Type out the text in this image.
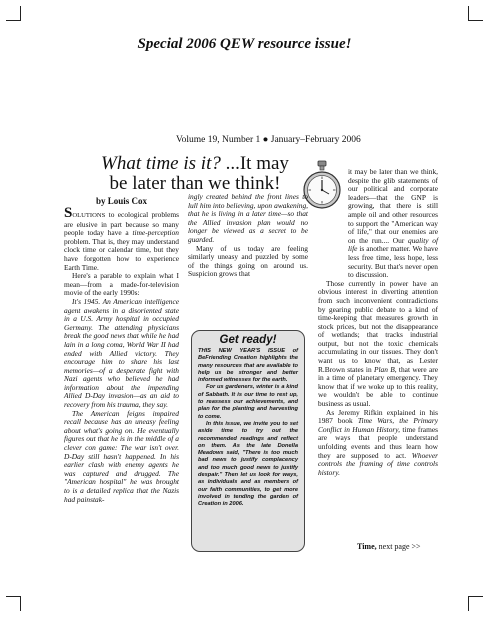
Special 2006 QEW resource issue!
Volume 19, Number 1 ● January–February 2006
What time is it? ...It may be later than we think!
by Louis Cox

SOLUTIONS to ecological problems are elusive in part because so many people today have a time-perception problem. That is, they may understand clock time or calendar time, but they have forgotten how to experience Earth Time.

Here's a parable to explain what I mean—from a made-for-television movie of the early 1990s:

It's 1945. An American intelligence agent awakens in a disoriented state in a U.S. Army hospital in occupied Germany. The attending physicians break the good news that while he had lain in a long coma, World War II had ended with Allied victory. They encourage him to share his last memories—of a desperate fight with Nazi agents who believed he had information about the impending Allied D-Day invasion—as an aid to recovery from his trauma, they say.

The American feigns impaired recall because has an uneasy feeling about what's going on. He eventually figures out that he is in the middle of a clever con game: The war isn't over. D-Day still hasn't happened. In his earlier clash with enemy agents he was captured and drugged. The "American hospital" he was brought to is a detailed replica that the Nazis had painstak-

ingly created behind the front lines to lull him into believing, upon awakening, that he is living in a later time—so that the Allied invasion plan would no longer be viewed as a secret to be guarded.

Many of us today are feeling similarly uneasy and puzzled by some of the things going on around us. Suspicion grows that

Get ready!

THIS NEW YEAR'S ISSUE of BeFriending Creation highlights the many resources that are available to help us be stronger and better informed witnesses for the earth.

For us gardeners, winter is a kind of Sabbath. It is our time to rest up, to reassess our achievements, and plan for the planting and harvesting to come.

In this issue, we invite you to set aside time to try out the recommended readings and reflect on them. As the late Donella Meadows said, "There is too much bad news to justify complacency and too much good news to justify despair." Then let us look for ways, as individuals and as members of our faith communities, to get more involved in tending the garden of Creation in 2006.

it may be later than we think, despite the glib statements of our political and corporate leaders—that the GNP is growing, that there is still ample oil and other resources to support the "American way of life," that our enemies are on the run.... Our quality of life is another matter. We have less free time, less hope, less security. But that's never open to discussion.

Those currently in power have an obvious interest in diverting attention from such inconvenient contradictions by gearing public debate to a kind of time-keeping that measures growth in stock prices, but not the disappearance of wetlands; that tracks industrial output, but not the toxic chemicals accumulating in our tissues. They don't want us to know that, as Lester R.Brown states in Plan B, that were are in a time of planetary emergency. They know that if we woke up to this reality, we wouldn't be able to continue business as usual.

As Jeremy Rifkin explained in his 1987 book Time Wars, the Primary Conflict in Human History, time frames are ways that people understand unfolding events and thus learn how they are supposed to act. Whoever controls the framing of time controls history.

Time, next page >>
